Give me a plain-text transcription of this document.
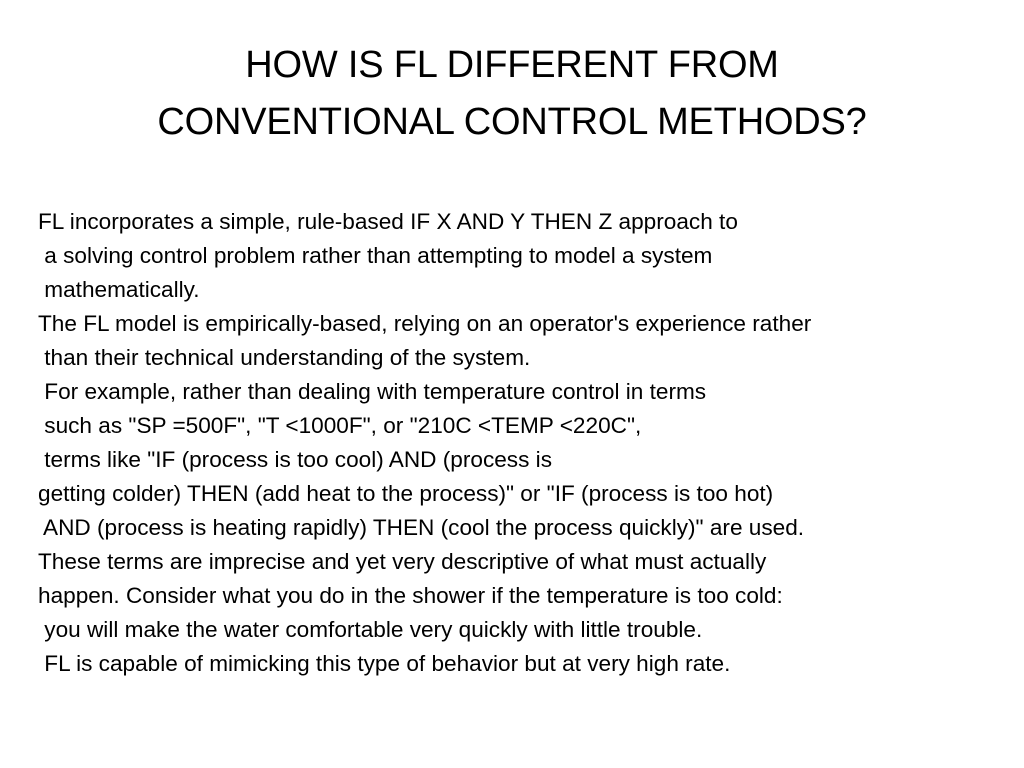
HOW IS FL DIFFERENT FROM
CONVENTIONAL CONTROL METHODS?
FL incorporates a simple, rule-based IF X AND Y THEN Z approach to
a solving control problem rather than attempting to model a system
mathematically.
The FL model is empirically-based, relying on an operator's experience rather
than their technical understanding of the system.
For example, rather than dealing with temperature control in terms
such as "SP =500F", "T <1000F", or "210C <TEMP <220C",
terms like "IF (process is too cool) AND (process is
getting colder) THEN (add heat to the process)" or "IF (process is too hot)
AND (process is heating rapidly) THEN (cool the process quickly)" are used.
These terms are imprecise and yet very descriptive of what must actually
happen. Consider what you do in the shower if the temperature is too cold:
you will make the water comfortable very quickly with little trouble.
FL is capable of mimicking this type of behavior but at very high rate.
